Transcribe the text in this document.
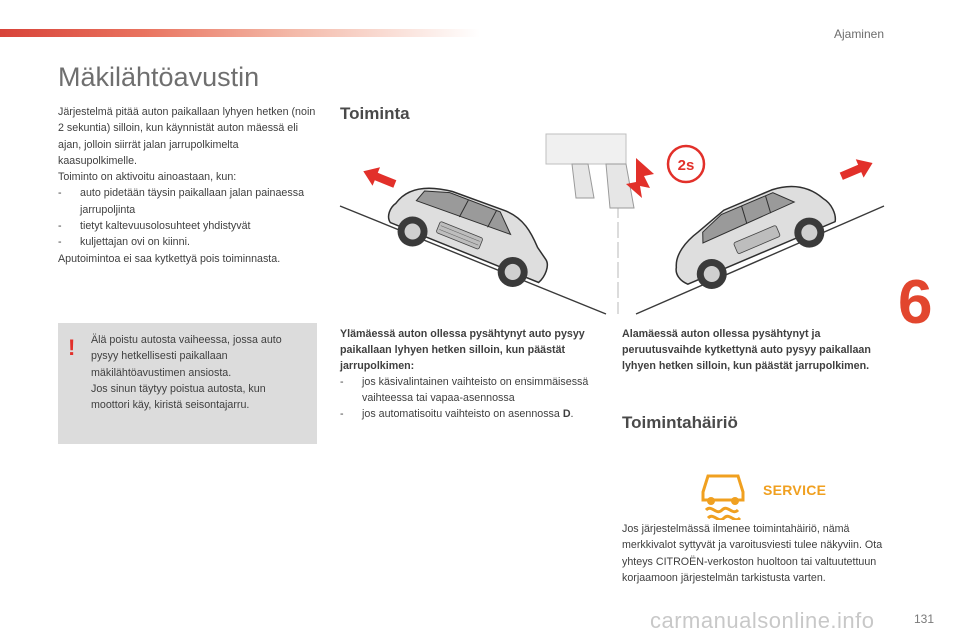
Ajaminen
6
131
carmanualsonline.info
Mäkilähtöavustin

Järjestelmä pitää auton paikallaan lyhyen hetken (noin 2 sekuntia) silloin, kun käynnistät auton mäessä eli ajan, jolloin siirrät jalan jarrupolkimelta kaasupolkimelle.

Toiminto on aktivoitu ainoastaan, kun:

-	auto pidetään täysin paikallaan jalan painaessa jarrupoljinta
-	tietyt kaltevuusolosuhteet yhdistyvät
-	kuljettajan ovi on kiinni.

Aputoimintoa ei saa kytkettyä pois toiminnasta.

! Älä poistu autosta vaiheessa, jossa auto pysyy hetkellisesti paikallaan mäkilähtöavustimen ansiosta.

Jos sinun täytyy poistua autosta, kun moottori käy, kiristä seisontajarru.

Toiminta
2s
Ylämäessä auton ollessa pysähtynyt auto pysyy paikallaan lyhyen hetken silloin, kun päästät jarrupolkimen:
-	jos käsivalintainen vaihteisto on ensimmäisessä vaihteessa tai vapaa-asennossa
-	jos automatisoitu vaihteisto on asennossa D.
Alamäessä auton ollessa pysähtynyt ja peruutusvaihde kytkettynä auto pysyy paikallaan lyhyen hetken silloin, kun päästät jarrupolkimen.
Toimintahäiriö
SERVICE
Jos järjestelmässä ilmenee toimintahäiriö, nämä merkkivalot syttyvät ja varoitusviesti tulee näkyviin. Ota yhteys CITROËN-verkoston huoltoon tai valtuutettuun korjaamoon järjestelmän tarkistusta varten.
